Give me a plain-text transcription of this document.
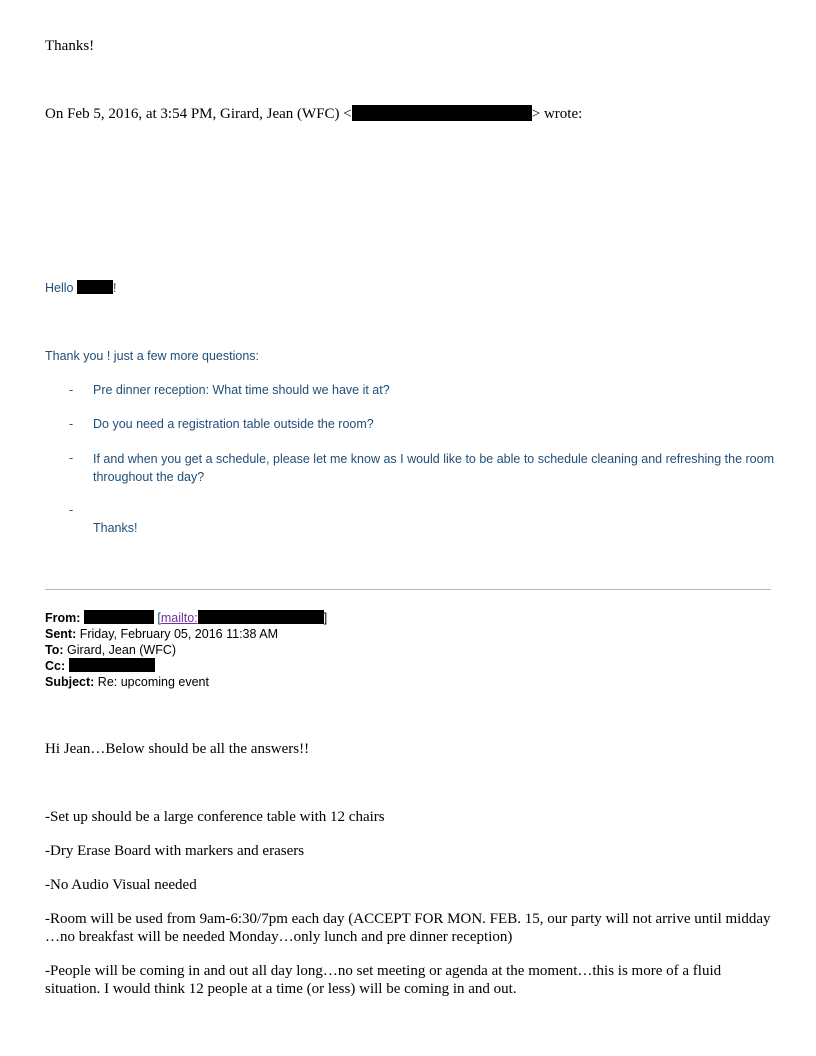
Thanks!
On Feb 5, 2016, at 3:54 PM, Girard, Jean (WFC) <	> wrote:
Hello	!
Thank you ! just a few more questions:
- Pre dinner reception: What time should we have it at?
- Do you need a registration table outside the room?
- If and when you get a schedule, please let me know as I would like to be able to schedule cleaning and refreshing the room throughout the day?
-
Thanks!
From:	[mailto:	]
Sent: Friday, February 05, 2016 11:38 AM
To: Girard, Jean (WFC)
Cc:
Subject: Re: upcoming event
Hi Jean…Below should be all the answers!!
-Set up should be a large conference table with 12 chairs
-Dry Erase Board with markers and erasers
-No Audio Visual needed
-Room will be used from 9am-6:30/7pm each day (ACCEPT FOR MON. FEB. 15, our party will not arrive until midday …no breakfast will be needed Monday…only lunch and pre dinner reception)
-People will be coming in and out all day long…no set meeting or agenda at the moment…this is more of a fluid situation. I would think 12 people at a time (or less) will be coming in and out.
